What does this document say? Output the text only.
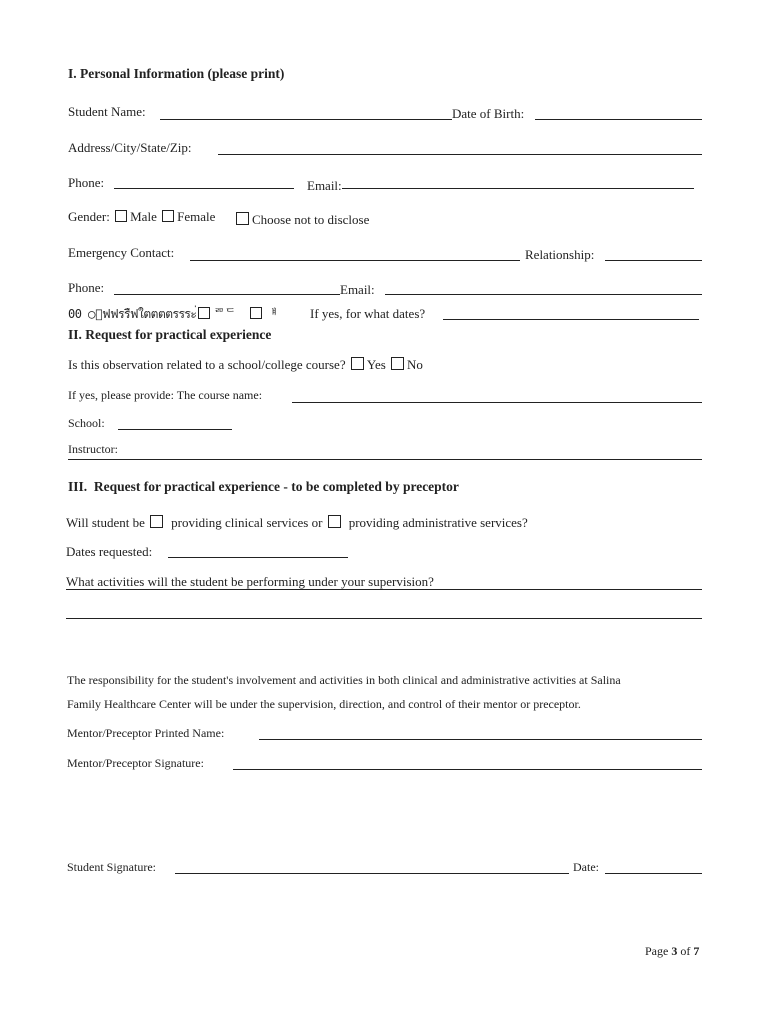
I. Personal Information (please print)
Student Name:	Date of Birth:
Address/City/State/Zip:
Phone:	Email:
Gender: Male Female	Choose not to disclose
Emergency Contact:	Relationship:
Phone:	Email:
00 ◯ืฟฟรรืฟใตตตตรรระ่ ᄅᄆᄃ ᅤ	If yes, for what dates?
II. Request for practical experience
Is this observation related to a school/college course? Yes No
If yes, please provide: The course name:
School:
Instructor:
III. Request for practical experience - to be completed by preceptor
Will student be providing clinical services or providing administrative services?
Dates requested:
What activities will the student be performing under your supervision?
The responsibility for the student's involvement and activities in both clinical and administrative activities at Salina
Family Healthcare Center will be under the supervision, direction, and control of their mentor or preceptor.
Mentor/Preceptor Printed Name:
Mentor/Preceptor Signature:
Student Signature:	Date:
Page 3 of 7
